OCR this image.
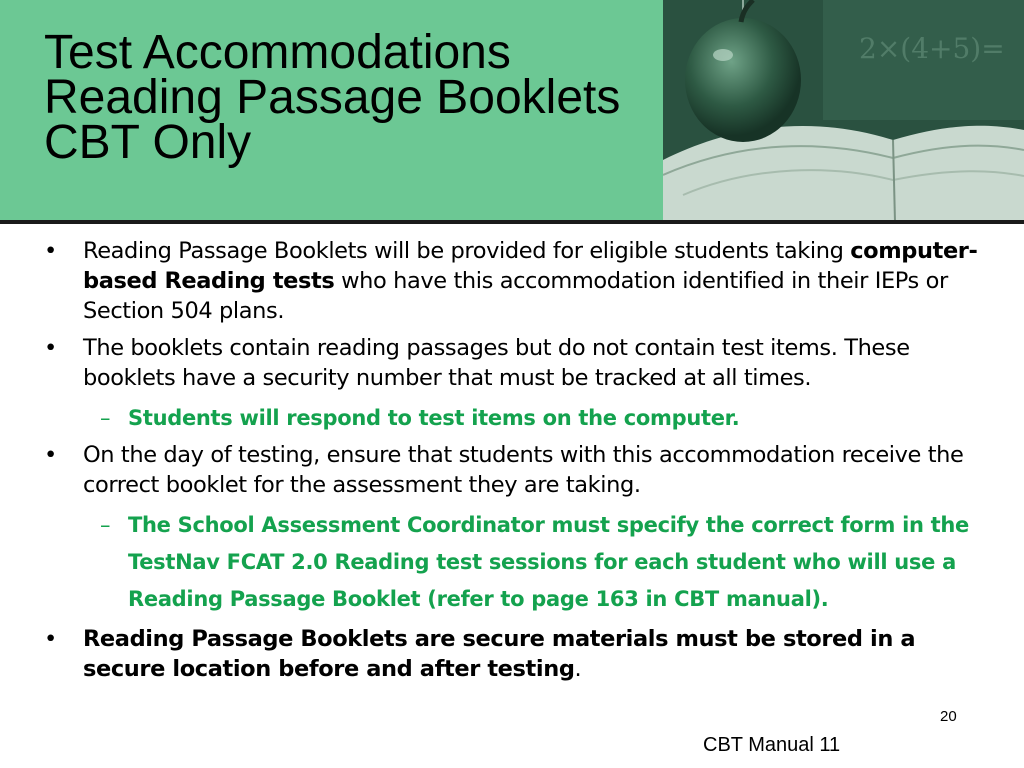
2×(4+5)=
Test Accommodations
Reading Passage Booklets
CBT Only
• Reading Passage Booklets will be provided for eligible students taking computer-based Reading tests who have this accommodation identified in their IEPs or Section 504 plans.
• The booklets contain reading passages but do not contain test items. These booklets have a security number that must be tracked at all times.
– Students will respond to test items on the computer.
• On the day of testing, ensure that students with this accommodation receive the correct booklet for the assessment they are taking.
– The School Assessment Coordinator must specify the correct form in the TestNav FCAT 2.0 Reading test sessions for each student who will use a Reading Passage Booklet (refer to page 163 in CBT manual).
• Reading Passage Booklets are secure materials must be stored in a secure location before and after testing.
20
CBT Manual 11
